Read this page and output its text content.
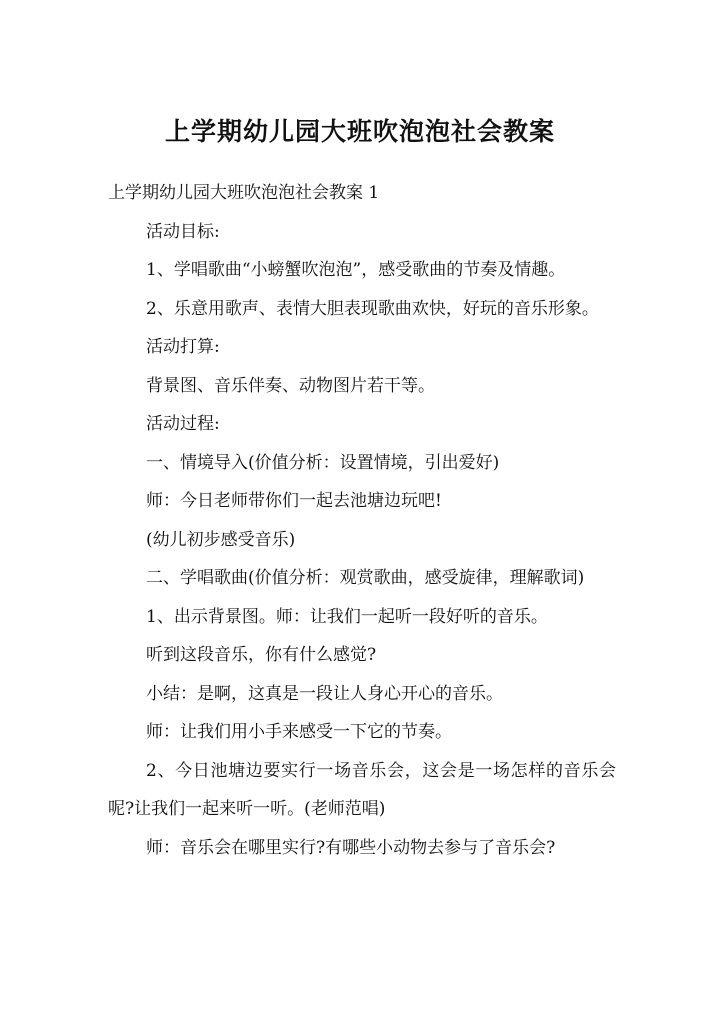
上学期幼儿园大班吹泡泡社会教案

上学期幼儿园大班吹泡泡社会教案 1

活动目标:

1、学唱歌曲“小螃蟹吹泡泡”，感受歌曲的节奏及情趣。

2、乐意用歌声、表情大胆表现歌曲欢快，好玩的音乐形象。

活动打算:

背景图、音乐伴奏、动物图片若干等。

活动过程:

一、情境导入(价值分析：设置情境，引出爱好)

师：今日老师带你们一起去池塘边玩吧!

(幼儿初步感受音乐)

二、学唱歌曲(价值分析：观赏歌曲，感受旋律，理解歌词)

1、出示背景图。师：让我们一起听一段好听的音乐。

听到这段音乐，你有什么感觉?

小结：是啊，这真是一段让人身心开心的音乐。

师：让我们用小手来感受一下它的节奏。

2、今日池塘边要实行一场音乐会，这会是一场怎样的音乐会呢?让我们一起来听一听。(老师范唱)

师：音乐会在哪里实行?有哪些小动物去参与了音乐会?
